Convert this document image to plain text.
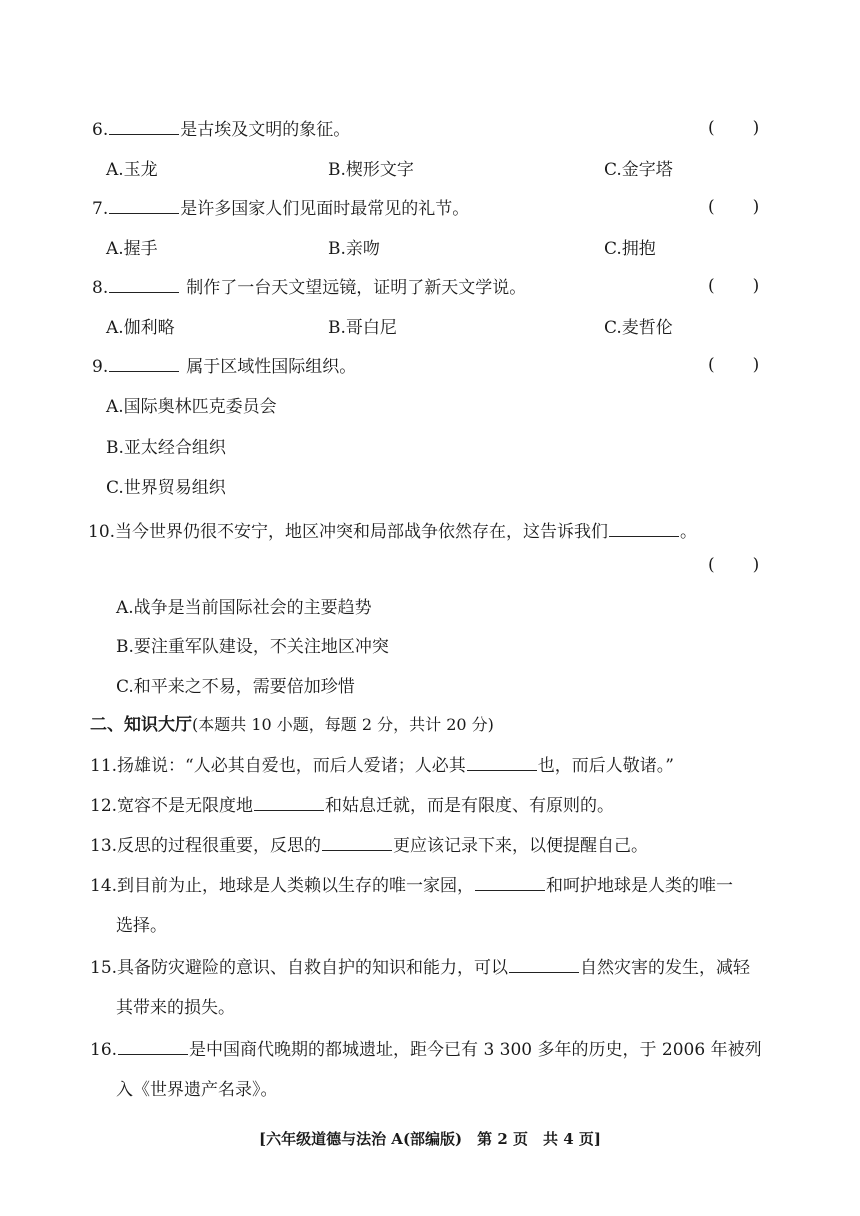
6.	是古埃及文明的象征。	( )
A.玉龙	B.楔形文字	C.金字塔
7.	是许多国家人们见面时最常见的礼节。	( )
A.握手	B.亲吻	C.拥抱
8.	制作了一台天文望远镜，证明了新天文学说。	( )
A.伽利略	B.哥白尼	C.麦哲伦
9.	属于区域性国际组织。	( )
A.国际奥林匹克委员会
B.亚太经合组织
C.世界贸易组织
10.当今世界仍很不安宁，地区冲突和局部战争依然存在，这告诉我们	。
( )
A.战争是当前国际社会的主要趋势
B.要注重军队建设，不关注地区冲突
C.和平来之不易，需要倍加珍惜
二、知识大厅(本题共 10 小题，每题 2 分，共计 20 分)
11.扬雄说：“人必其自爱也，而后人爱诸；人必其	也，而后人敬诸。”
12.宽容不是无限度地	和姑息迁就，而是有限度、有原则的。
13.反思的过程很重要，反思的	更应该记录下来，以便提醒自己。
14.到目前为止，地球是人类赖以生存的唯一家园，	和呵护地球是人类的唯一
选择。
15.具备防灾避险的意识、自救自护的知识和能力，可以	自然灾害的发生，减轻
其带来的损失。
16.	是中国商代晚期的都城遗址，距今已有 3 300 多年的历史，于 2006 年被列
入《世界遗产名录》。
[六年级道德与法治 A(部编版)　第 2 页　共 4 页]
